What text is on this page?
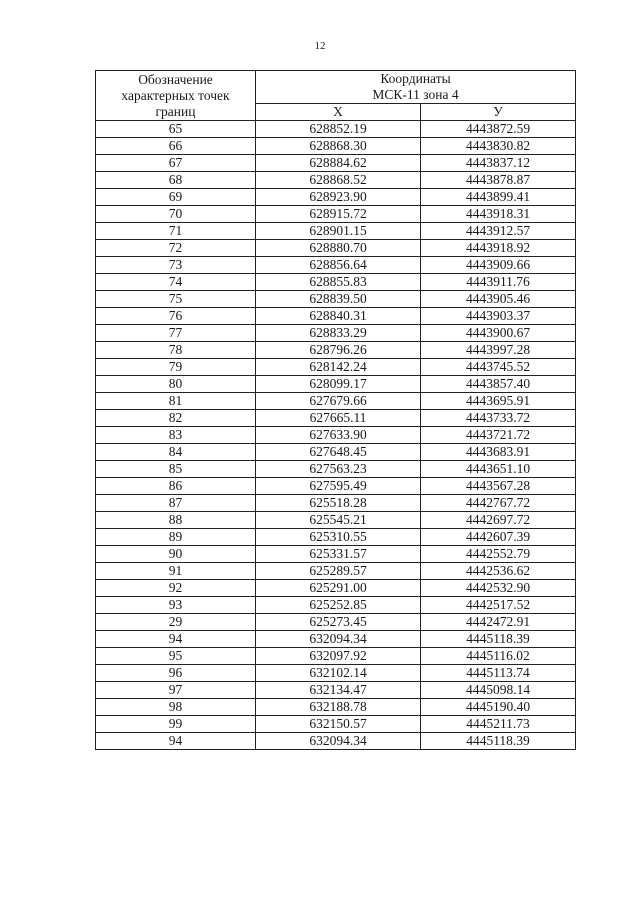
12
Обозначение
характерных точек
границ	Координаты
МСК-11 зона 4	

	X	У
65	628852.19	4443872.59
66	628868.30	4443830.82
67	628884.62	4443837.12
68	628868.52	4443878.87
69	628923.90	4443899.41
70	628915.72	4443918.31
71	628901.15	4443912.57
72	628880.70	4443918.92
73	628856.64	4443909.66
74	628855.83	4443911.76
75	628839.50	4443905.46
76	628840.31	4443903.37
77	628833.29	4443900.67
78	628796.26	4443997.28
79	628142.24	4443745.52
80	628099.17	4443857.40
81	627679.66	4443695.91
82	627665.11	4443733.72
83	627633.90	4443721.72
84	627648.45	4443683.91
85	627563.23	4443651.10
86	627595.49	4443567.28
87	625518.28	4442767.72
88	625545.21	4442697.72
89	625310.55	4442607.39
90	625331.57	4442552.79
91	625289.57	4442536.62
92	625291.00	4442532.90
93	625252.85	4442517.52
29	625273.45	4442472.91
94	632094.34	4445118.39
95	632097.92	4445116.02
96	632102.14	4445113.74
97	632134.47	4445098.14
98	632188.78	4445190.40
99	632150.57	4445211.73
94	632094.34	4445118.39
